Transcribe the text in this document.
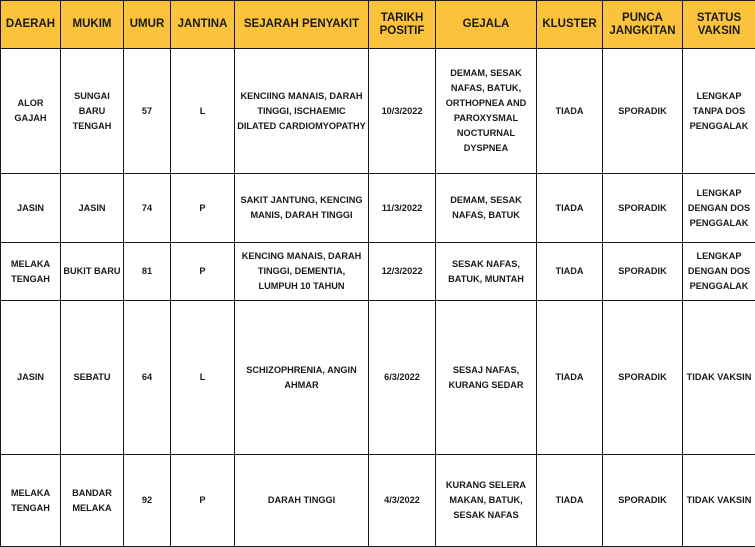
DAERAH	MUKIM	UMUR	JANTINA	SEJARAH PENYAKIT	TARIKH POSITIF	GEJALA	KLUSTER	PUNCA JANGKITAN	STATUS VAKSIN
ALOR GAJAH	SUNGAI BARU TENGAH	57	L	KENCIING MANAIS, DARAH TINGGI, ISCHAEMIC DILATED CARDIOMYOPATHY	10/3/2022	DEMAM, SESAK NAFAS, BATUK, ORTHOPNEA AND PAROXYSMAL NOCTURNAL DYSPNEA	TIADA	SPORADIK	LENGKAP TANPA DOS PENGGALAK
JASIN	JASIN	74	P	SAKIT JANTUNG, KENCING MANIS, DARAH TINGGI	11/3/2022	DEMAM, SESAK NAFAS, BATUK	TIADA	SPORADIK	LENGKAP DENGAN DOS PENGGALAK
MELAKA TENGAH	BUKIT BARU	81	P	KENCING MANAIS, DARAH TINGGI, DEMENTIA, LUMPUH 10 TAHUN	12/3/2022	SESAK NAFAS, BATUK, MUNTAH	TIADA	SPORADIK	LENGKAP DENGAN DOS PENGGALAK
JASIN	SEBATU	64	L	SCHIZOPHRENIA, ANGIN AHMAR	6/3/2022	SESAJ NAFAS, KURANG SEDAR	TIADA	SPORADIK	TIDAK VAKSIN
MELAKA TENGAH	BANDAR MELAKA	92	P	DARAH TINGGI	4/3/2022	KURANG SELERA MAKAN, BATUK, SESAK NAFAS	TIADA	SPORADIK	TIDAK VAKSIN
